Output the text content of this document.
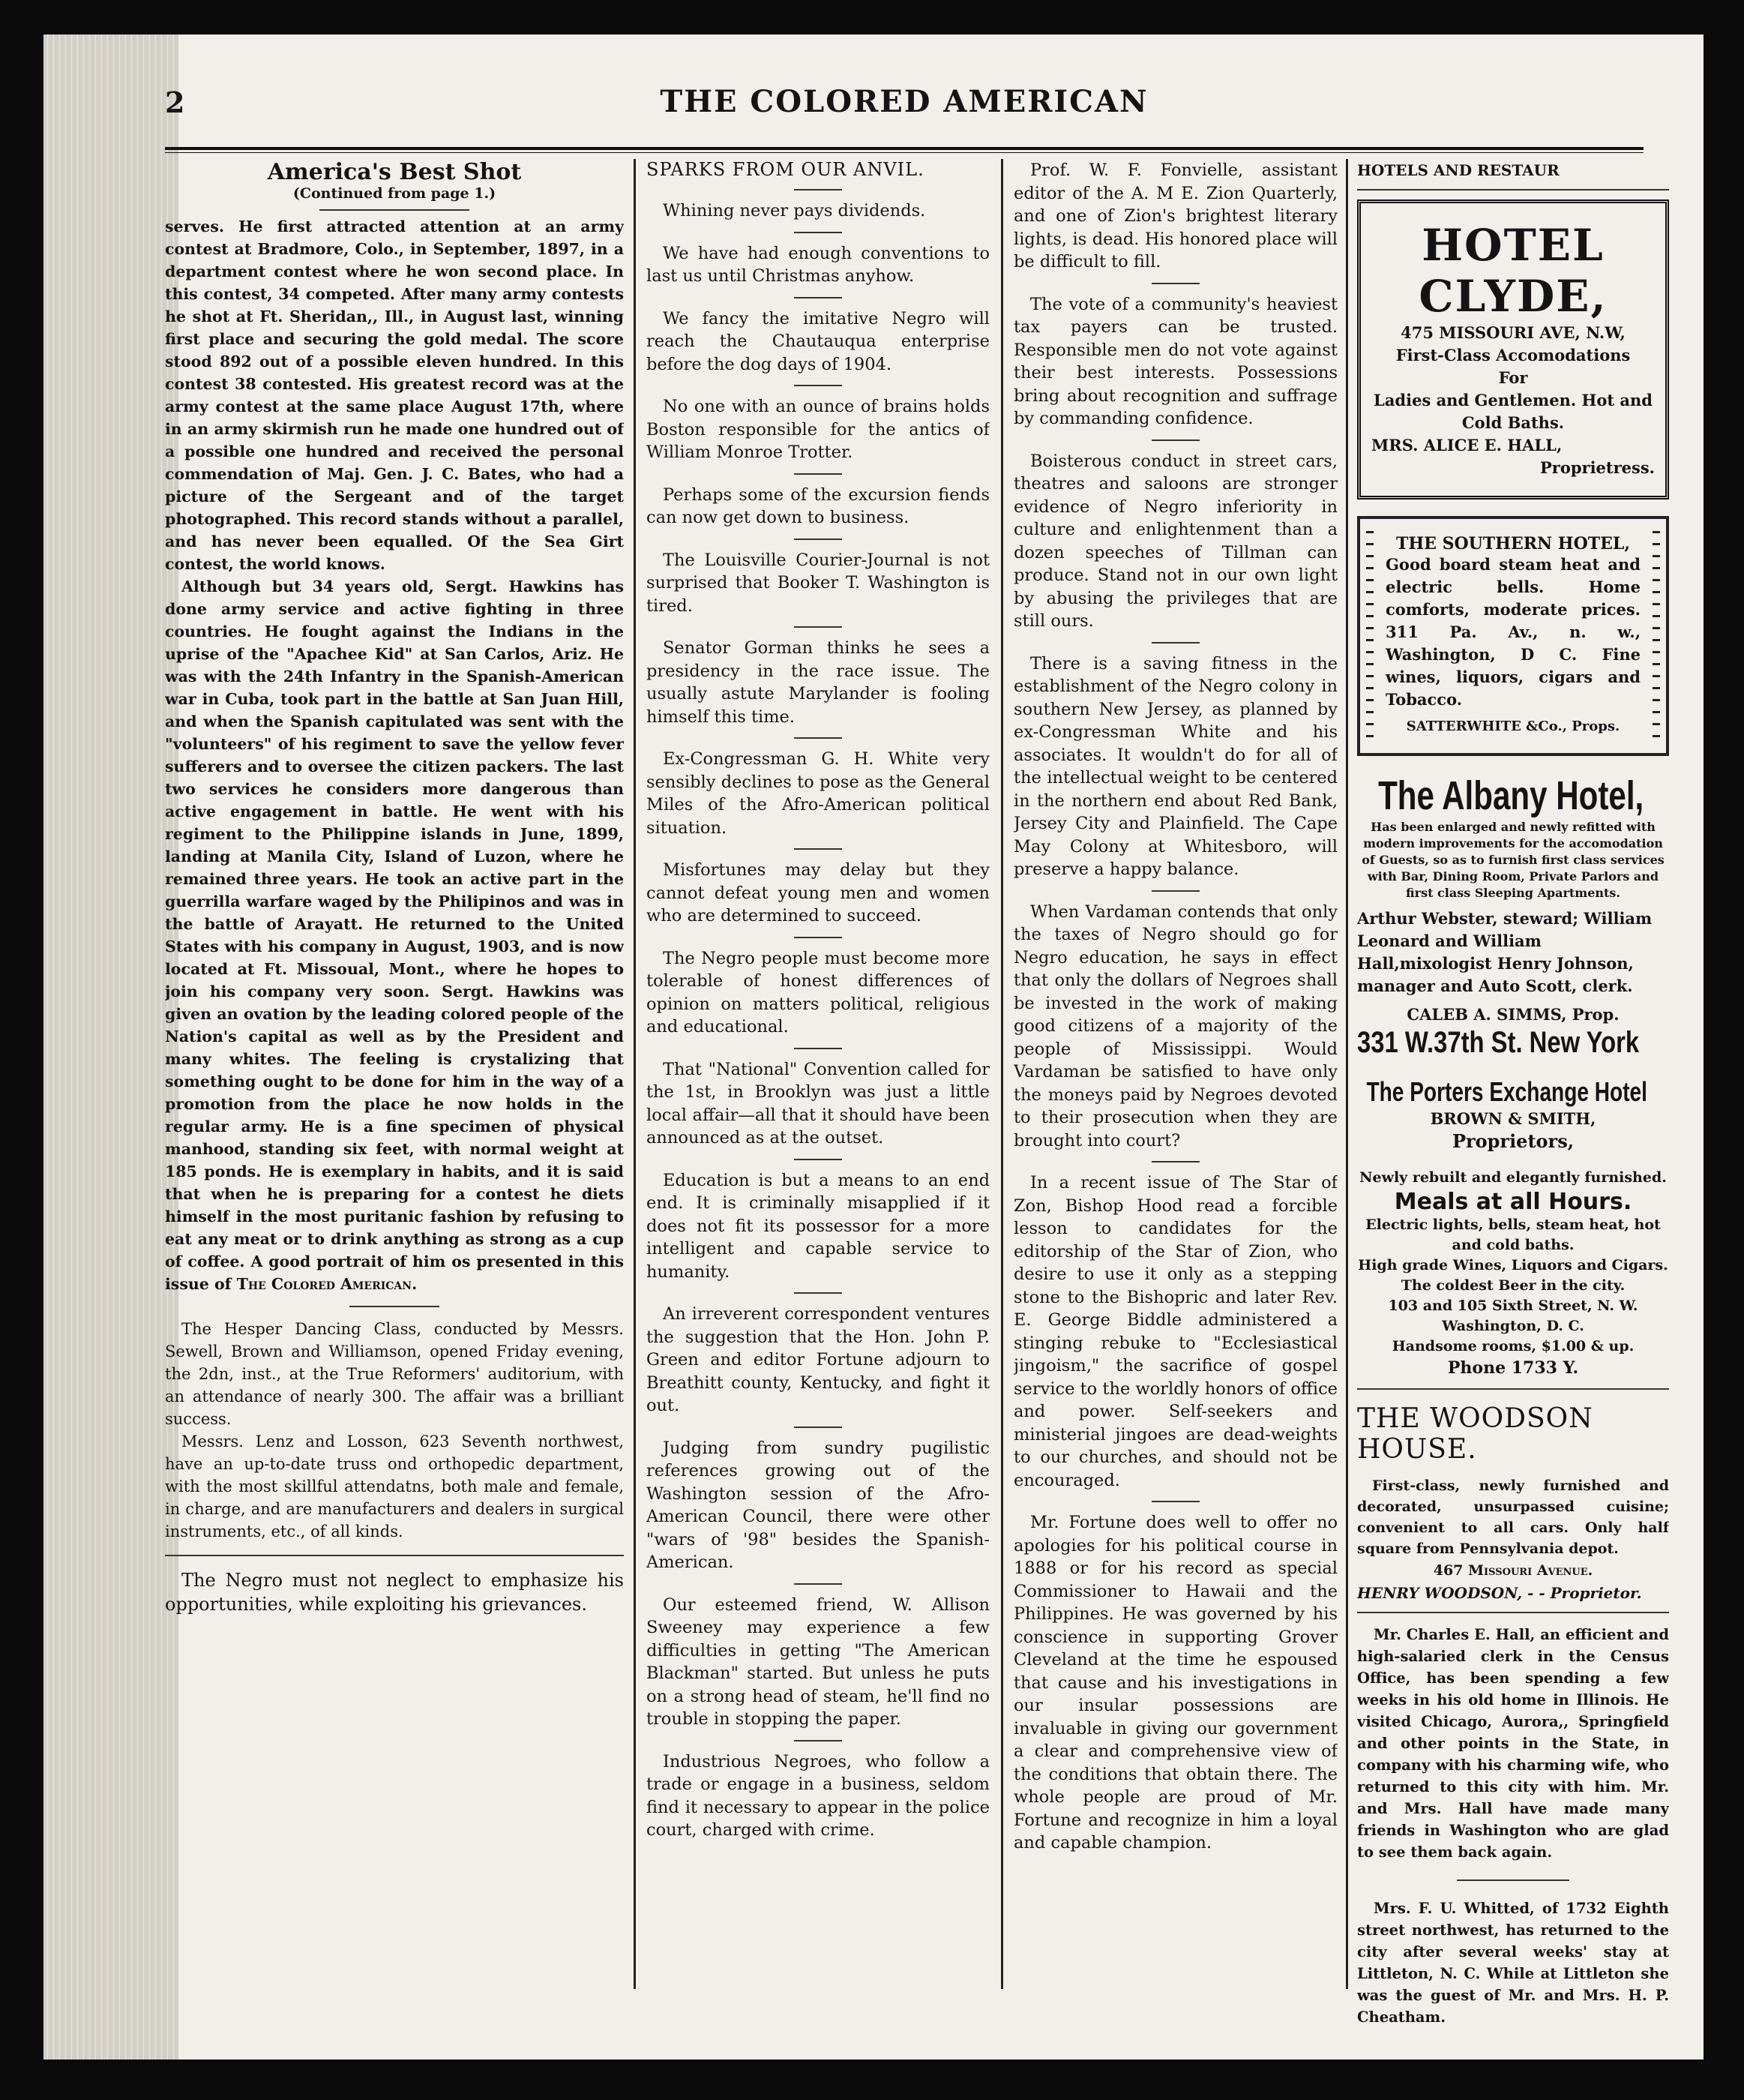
2	THE COLORED AMERICAN
America's Best Shot
(Continued from page 1.)

serves. He first attracted attention at an army contest at Bradmore, Colo., in September, 1897, in a department contest where he won second place. In this contest, 34 competed. After many army contests he shot at Ft. Sheridan,, Ill., in August last, winning first place and securing the gold medal. The score stood 892 out of a possible eleven hundred. In this contest 38 contested. His greatest record was at the army contest at the same place August 17th, where in an army skirmish run he made one hundred out of a possible one hundred and received the personal commendation of Maj. Gen. J. C. Bates, who had a picture of the Sergeant and of the target photographed. This record stands without a parallel, and has never been equalled. Of the Sea Girt contest, the world knows.

Although but 34 years old, Sergt. Hawkins has done army service and active fighting in three countries. He fought against the Indians in the uprise of the "Apachee Kid" at San Carlos, Ariz. He was with the 24th Infantry in the Spanish-American war in Cuba, took part in the battle at San Juan Hill, and when the Spanish capitulated was sent with the "volunteers" of his regiment to save the yellow fever sufferers and to oversee the citizen packers. The last two services he considers more dangerous than active engagement in battle. He went with his regiment to the Philippine islands in June, 1899, landing at Manila City, Island of Luzon, where he remained three years. He took an active part in the guerrilla warfare waged by the Philipinos and was in the battle of Arayatt. He returned to the United States with his company in August, 1903, and is now located at Ft. Missoual, Mont., where he hopes to join his company very soon. Sergt. Hawkins was given an ovation by the leading colored people of the Nation's capital as well as by the President and many whites. The feeling is crystalizing that something ought to be done for him in the way of a promotion from the place he now holds in the regular army. He is a fine specimen of physical manhood, standing six feet, with normal weight at 185 ponds. He is exemplary in habits, and it is said that when he is preparing for a contest he diets himself in the most puritanic fashion by refusing to eat any meat or to drink anything as strong as a cup of coffee. A good portrait of him os presented in this issue of The Colored American.

The Hesper Dancing Class, conducted by Messrs. Sewell, Brown and Williamson, opened Friday evening, the 2dn, inst., at the True Reformers' auditorium, with an attendance of nearly 300. The affair was a brilliant success.

Messrs. Lenz and Losson, 623 Seventh northwest, have an up-to-date truss ond orthopedic department, with the most skillful attendatns, both male and female, in charge, and are manufacturers and dealers in surgical instruments, etc., of all kinds.

The Negro must not neglect to emphasize his opportunities, while exploiting his grievances.

SPARKS FROM OUR ANVIL.

Whining never pays dividends.

We have had enough conventions to last us until Christmas anyhow.

We fancy the imitative Negro will reach the Chautauqua enterprise before the dog days of 1904.

No one with an ounce of brains holds Boston responsible for the antics of William Monroe Trotter.

Perhaps some of the excursion fiends can now get down to business.

The Louisville Courier-Journal is not surprised that Booker T. Washington is tired.

Senator Gorman thinks he sees a presidency in the race issue. The usually astute Marylander is fooling himself this time.

Ex-Congressman G. H. White very sensibly declines to pose as the General Miles of the Afro-American political situation.

Misfortunes may delay but they cannot defeat young men and women who are determined to succeed.

The Negro people must become more tolerable of honest differences of opinion on matters political, religious and educational.

That "National" Convention called for the 1st, in Brooklyn was just a little local affair—all that it should have been announced as at the outset.

Education is but a means to an end end. It is criminally misapplied if it does not fit its possessor for a more intelligent and capable service to humanity.

An irreverent correspondent ventures the suggestion that the Hon. John P. Green and editor Fortune adjourn to Breathitt county, Kentucky, and fight it out.

Judging from sundry pugilistic references growing out of the Washington session of the Afro-American Council, there were other "wars of '98" besides the Spanish-American.

Our esteemed friend, W. Allison Sweeney may experience a few difficulties in getting "The American Blackman" started. But unless he puts on a strong head of steam, he'll find no trouble in stopping the paper.

Industrious Negroes, who follow a trade or engage in a business, seldom find it necessary to appear in the police court, charged with crime.

Prof. W. F. Fonvielle, assistant editor of the A. M E. Zion Quarterly, and one of Zion's brightest literary lights, is dead. His honored place will be difficult to fill.

The vote of a community's heaviest tax payers can be trusted. Responsible men do not vote against their best interests. Possessions bring about recognition and suffrage by commanding confidence.

Boisterous conduct in street cars, theatres and saloons are stronger evidence of Negro inferiority in culture and enlightenment than a dozen speeches of Tillman can produce. Stand not in our own light by abusing the privileges that are still ours.

There is a saving fitness in the establishment of the Negro colony in southern New Jersey, as planned by ex-Congressman White and his associates. It wouldn't do for all of the intellectual weight to be centered in the northern end about Red Bank, Jersey City and Plainfield. The Cape May Colony at Whitesboro, will preserve a happy balance.

When Vardaman contends that only the taxes of Negro should go for Negro education, he says in effect that only the dollars of Negroes shall be invested in the work of making good citizens of a majority of the people of Mississippi. Would Vardaman be satisfied to have only the moneys paid by Negroes devoted to their prosecution when they are brought into court?

In a recent issue of The Star of Zon, Bishop Hood read a forcible lesson to candidates for the editorship of the Star of Zion, who desire to use it only as a stepping stone to the Bishopric and later Rev. E. George Biddle administered a stinging rebuke to "Ecclesiastical jingoism," the sacrifice of gospel service to the worldly honors of office and power. Self-seekers and ministerial jingoes are dead-weights to our churches, and should not be encouraged.

Mr. Fortune does well to offer no apologies for his political course in 1888 or for his record as special Commissioner to Hawaii and the Philippines. He was governed by his conscience in supporting Grover Cleveland at the time he espoused that cause and his investigations in our insular possessions are invaluable in giving our government a clear and comprehensive view of the conditions that obtain there. The whole people are proud of Mr. Fortune and recognize in him a loyal and capable champion.

HOTELS AND RESTAUR
HOTEL CLYDE,
475 MISSOURI AVE, N.W,
First-Class Accomodations
For
Ladies and Gentlemen. Hot and Cold Baths.
MRS. ALICE E. HALL,
Proprietress.
THE SOUTHERN HOTEL,
Good board steam heat and electric bells. Home comforts, moderate prices. 311 Pa. Av., n. w., Washington, D C. Fine wines, liquors, cigars and Tobacco.
SATTERWHITE &Co., Props.
The Albany Hotel,
Has been enlarged and newly refitted with modern improvements for the accomodation of Guests, so as to furnish first class services with Bar, Dining Room, Private Parlors and first class Sleeping Apartments.
Arthur Webster, steward; William Leonard and William Hall,mixologist Henry Johnson, manager and Auto Scott, clerk.
CALEB A. SIMMS, Prop.
331 W.37th St. New York
The Porters Exchange Hotel
BROWN & SMITH,
Proprietors,
Newly rebuilt and elegantly furnished.
Meals at all Hours.
Electric lights, bells, steam heat, hot and cold baths.
High grade Wines, Liquors and Cigars.
The coldest Beer in the city.
103 and 105 Sixth Street, N. W.
Washington, D. C.
Handsome rooms, $1.00 & up.
Phone 1733 Y.
THE WOODSON HOUSE.
First-class, newly furnished and decorated, unsurpassed cuisine; convenient to all cars. Only half square from Pennsylvania depot.
467 Missouri Avenue.
HENRY WOODSON, - - Proprietor.

Mr. Charles E. Hall, an efficient and high-salaried clerk in the Census Office, has been spending a few weeks in his old home in Illinois. He visited Chicago, Aurora,, Springfield and other points in the State, in company with his charming wife, who returned to this city with him. Mr. and Mrs. Hall have made many friends in Washington who are glad to see them back again.

Mrs. F. U. Whitted, of 1732 Eighth street northwest, has returned to the city after several weeks' stay at Littleton, N. C. While at Littleton she was the guest of Mr. and Mrs. H. P. Cheatham.
